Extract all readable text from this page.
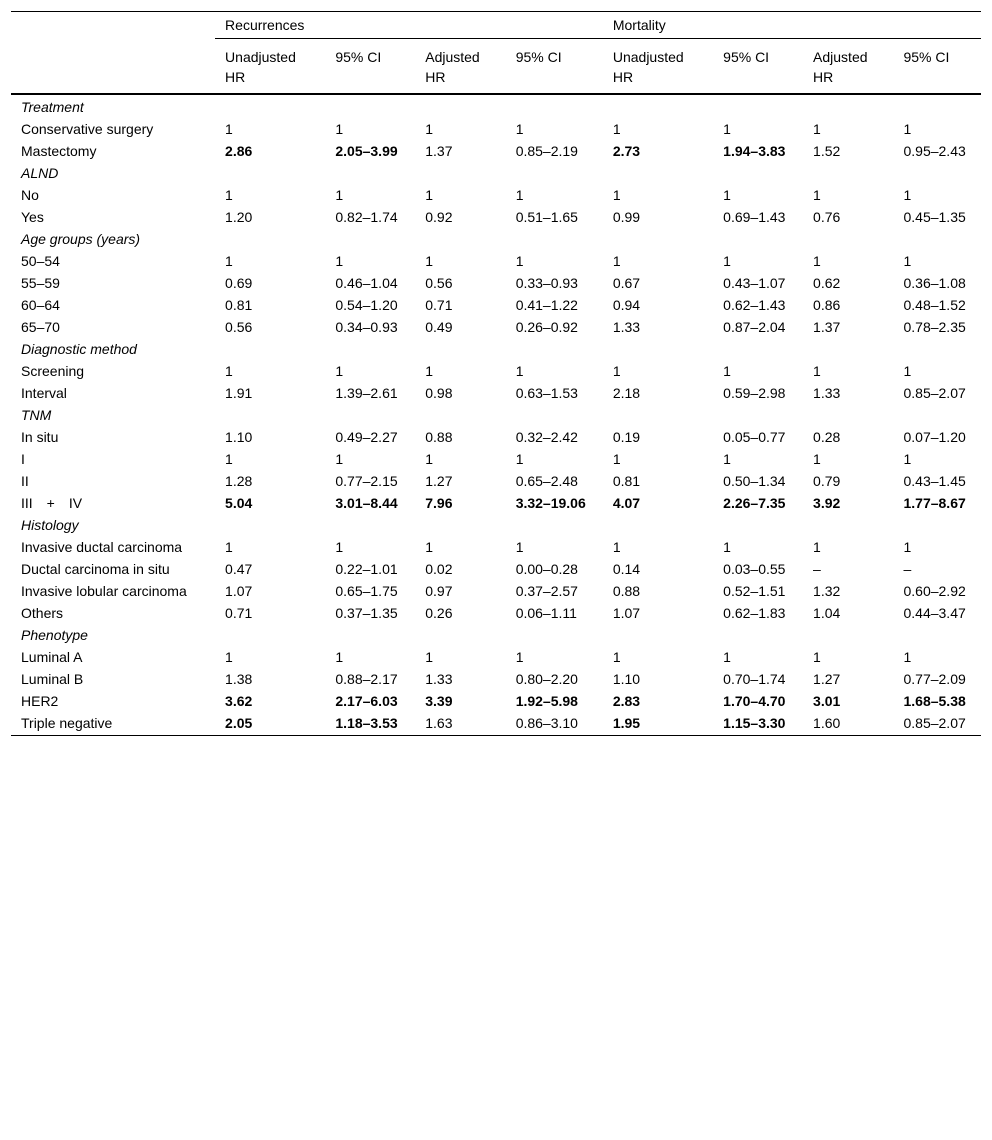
	Recurrences				Mortality			
	Unadjusted HR	95% CI	Adjusted HR	95% CI	Unadjusted HR	95% CI	Adjusted HR	95% CI
Treatment								
Conservative surgery	1	1	1	1	1	1	1	1
Mastectomy	2.86	2.05–3.99	1.37	0.85–2.19	2.73	1.94–3.83	1.52	0.95–2.43
ALND								
No	1	1	1	1	1	1	1	1
Yes	1.20	0.82–1.74	0.92	0.51–1.65	0.99	0.69–1.43	0.76	0.45–1.35
Age groups (years)								
50–54	1	1	1	1	1	1	1	1
55–59	0.69	0.46–1.04	0.56	0.33–0.93	0.67	0.43–1.07	0.62	0.36–1.08
60–64	0.81	0.54–1.20	0.71	0.41–1.22	0.94	0.62–1.43	0.86	0.48–1.52
65–70	0.56	0.34–0.93	0.49	0.26–0.92	1.33	0.87–2.04	1.37	0.78–2.35
Diagnostic method								
Screening	1	1	1	1	1	1	1	1
Interval	1.91	1.39–2.61	0.98	0.63–1.53	2.18	0.59–2.98	1.33	0.85–2.07
TNM								
In situ	1.10	0.49–2.27	0.88	0.32–2.42	0.19	0.05–0.77	0.28	0.07–1.20
I	1	1	1	1	1	1	1	1
II	1.28	0.77–2.15	1.27	0.65–2.48	0.81	0.50–1.34	0.79	0.43–1.45
III + IV	5.04	3.01–8.44	7.96	3.32–19.06	4.07	2.26–7.35	3.92	1.77–8.67
Histology								
Invasive ductal carcinoma	1	1	1	1	1	1	1	1
Ductal carcinoma in situ	0.47	0.22–1.01	0.02	0.00–0.28	0.14	0.03–0.55	–	–
Invasive lobular carcinoma	1.07	0.65–1.75	0.97	0.37–2.57	0.88	0.52–1.51	1.32	0.60–2.92
Others	0.71	0.37–1.35	0.26	0.06–1.11	1.07	0.62–1.83	1.04	0.44–3.47
Phenotype								
Luminal A	1	1	1	1	1	1	1	1
Luminal B	1.38	0.88–2.17	1.33	0.80–2.20	1.10	0.70–1.74	1.27	0.77–2.09
HER2	3.62	2.17–6.03	3.39	1.92–5.98	2.83	1.70–4.70	3.01	1.68–5.38
Triple negative	2.05	1.18–3.53	1.63	0.86–3.10	1.95	1.15–3.30	1.60	0.85–2.07
